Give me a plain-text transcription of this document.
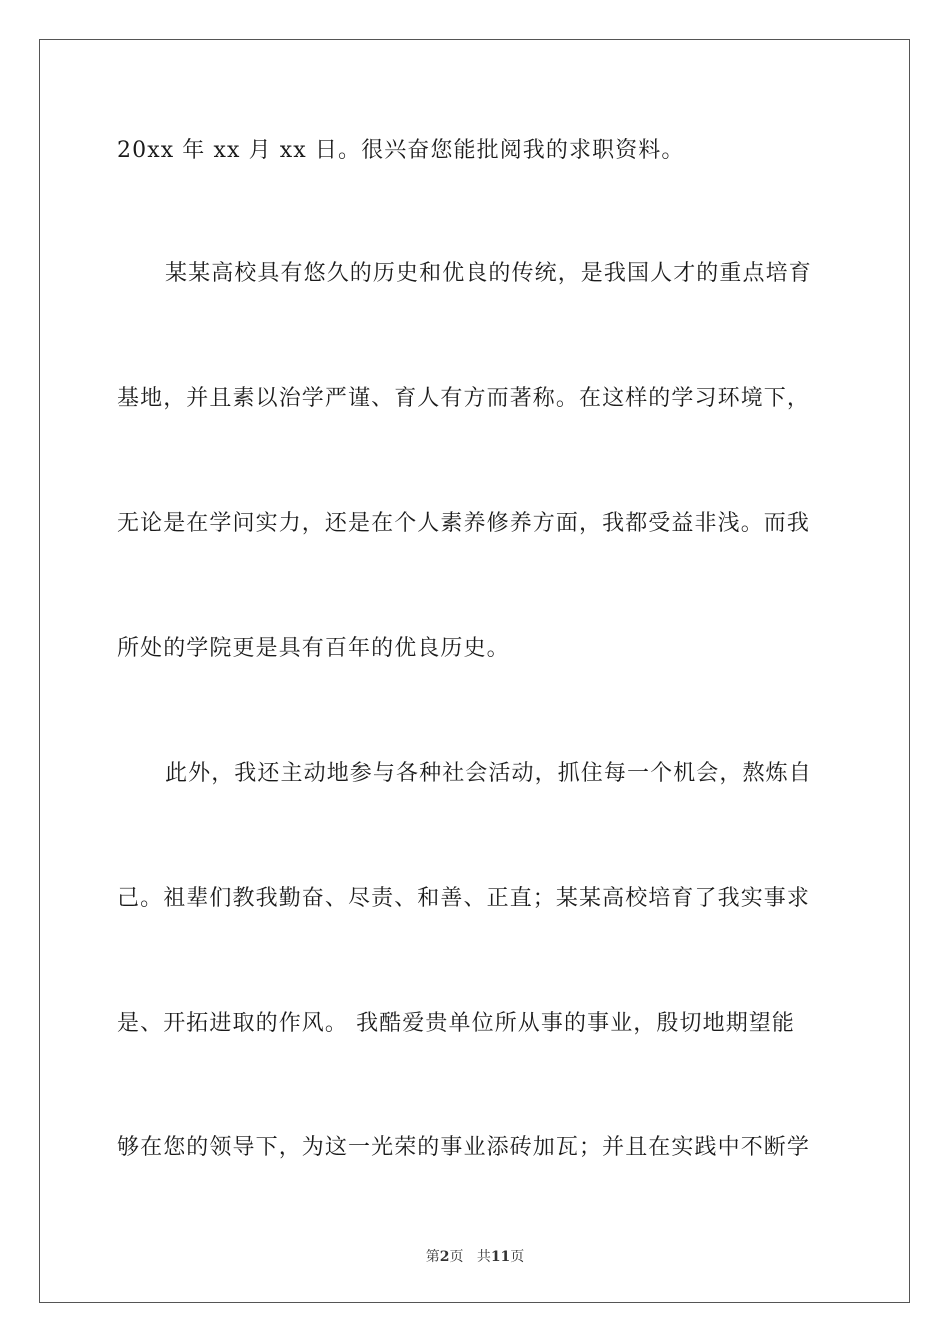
20xx 年 xx 月 xx 日。很兴奋您能批阅我的求职资料。
某某高校具有悠久的历史和优良的传统，是我国人才的重点培育
基地，并且素以治学严谨、育人有方而著称。在这样的学习环境下，
无论是在学问实力，还是在个人素养修养方面，我都受益非浅。而我
所处的学院更是具有百年的优良历史。
此外，我还主动地参与各种社会活动，抓住每一个机会，熬炼自
己。祖辈们教我勤奋、尽责、和善、正直；某某高校培育了我实事求
是、开拓进取的作风。 我酷爱贵单位所从事的事业，殷切地期望能
够在您的领导下，为这一光荣的事业添砖加瓦；并且在实践中不断学
第2页 共11页
